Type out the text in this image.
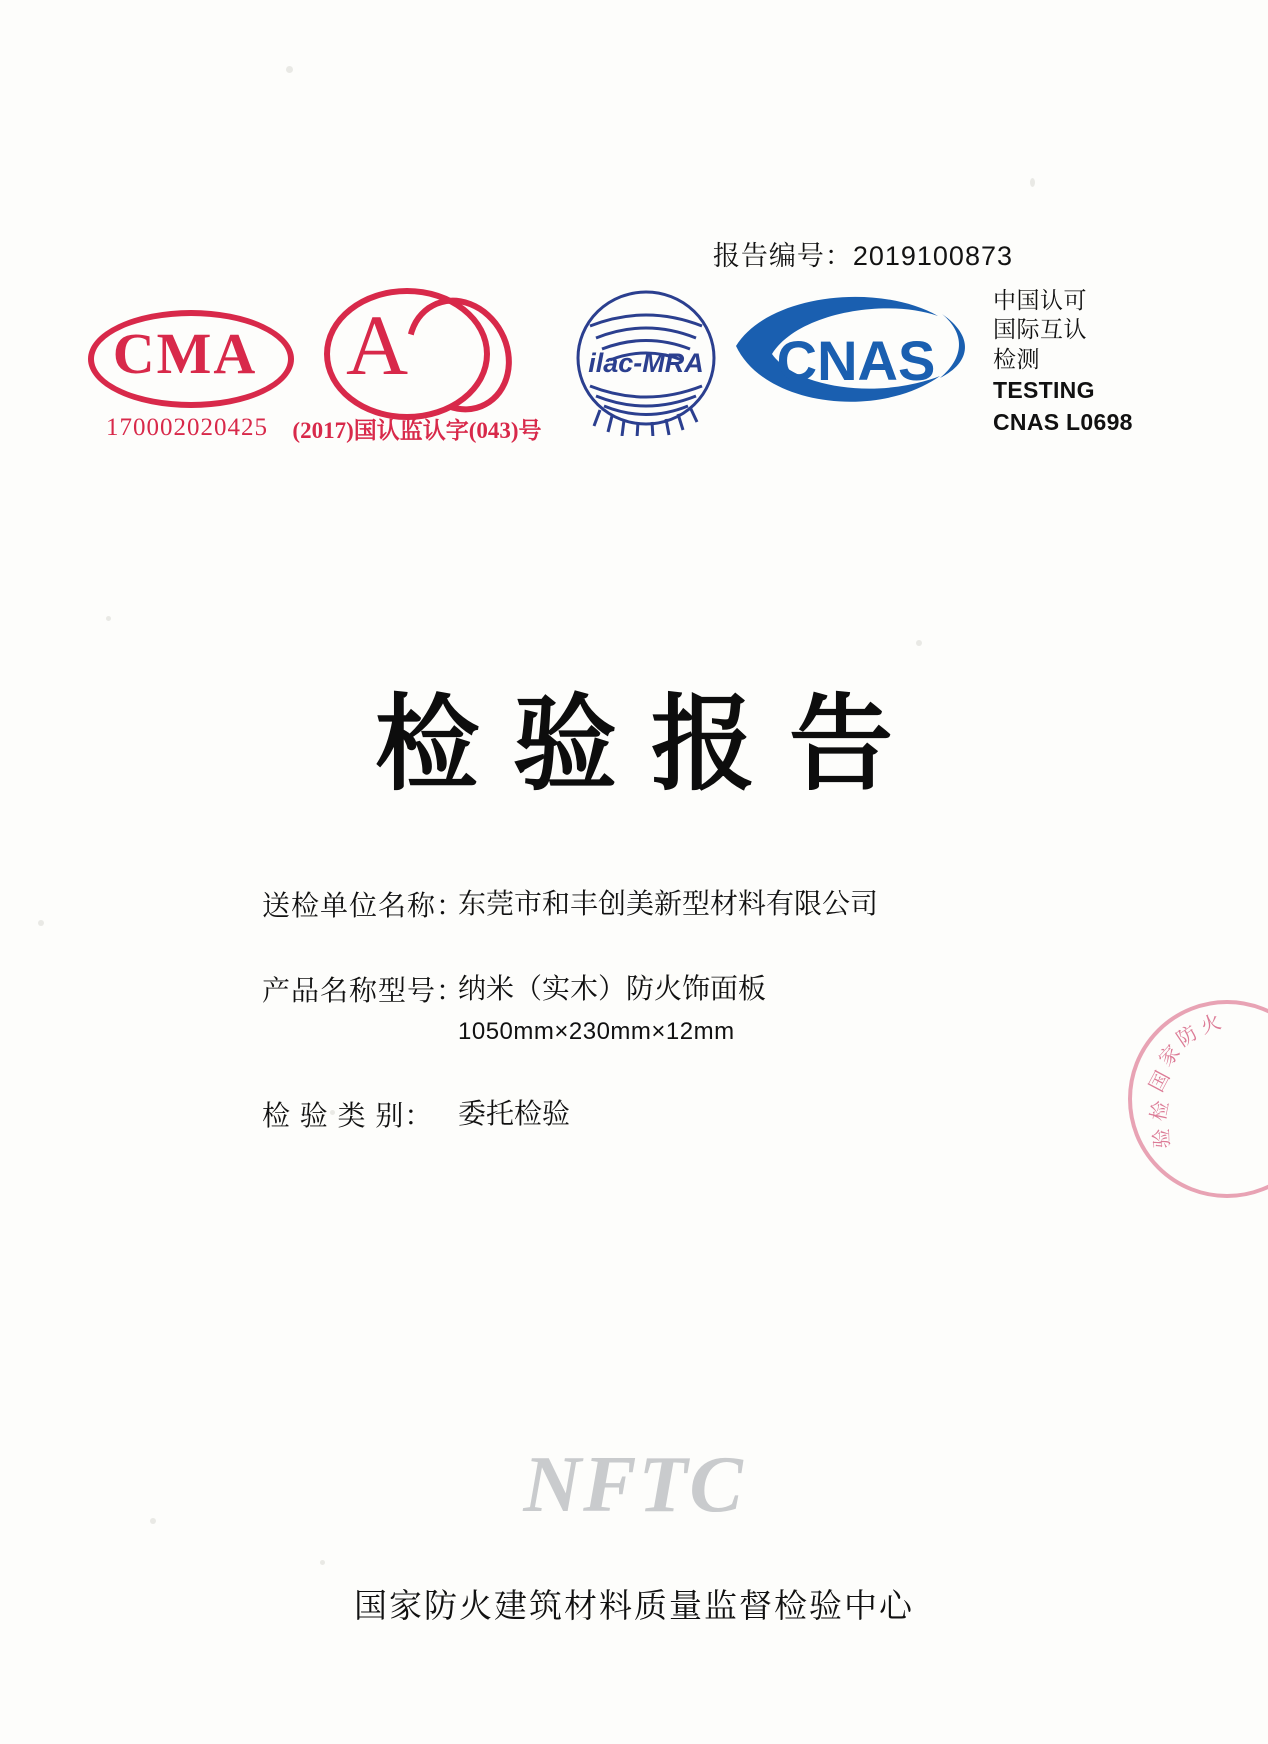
报告编号：2019100873
CMA
170002020425
A
(2017)国认监认字(043)号
ilac-MRA CNAS
中国认可
国际互认
检测
TESTING
CNAS L0698
检验报告
送检单位名称：
东莞市和丰创美新型材料有限公司
产品名称型号：
纳米（实木）防火饰面板
1050mm×230mm×12mm
检 验 类 别： 委托检验
国
家
防
火
检
验
NFTC
国家防火建筑材料质量监督检验中心
